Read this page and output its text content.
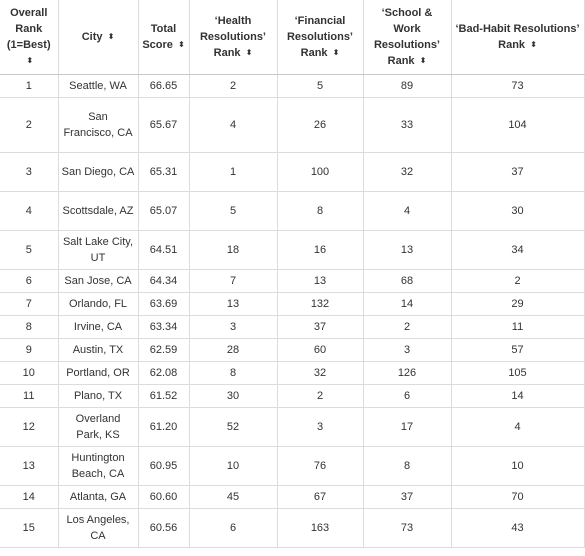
Overall Rank (1=Best) ⬍	City ⬍	Total Score ⬍	‘Health Resolutions’ Rank ⬍	‘Financial Resolutions’ Rank ⬍	‘School & Work Resolutions’ Rank ⬍	‘Bad-Habit Resolutions’ Rank ⬍
1	Seattle, WA	66.65	2	5	89	73
2	San Francisco, CA	65.67	4	26	33	104
3	San Diego, CA	65.31	1	100	32	37
4	Scottsdale, AZ	65.07	5	8	4	30
5	Salt Lake City, UT	64.51	18	16	13	34
6	San Jose, CA	64.34	7	13	68	2
7	Orlando, FL	63.69	13	132	14	29
8	Irvine, CA	63.34	3	37	2	11
9	Austin, TX	62.59	28	60	3	57
10	Portland, OR	62.08	8	32	126	105
11	Plano, TX	61.52	30	2	6	14
12	Overland Park, KS	61.20	52	3	17	4
13	Huntington Beach, CA	60.95	10	76	8	10
14	Atlanta, GA	60.60	45	67	37	70
15	Los Angeles, CA	60.56	6	163	73	43
